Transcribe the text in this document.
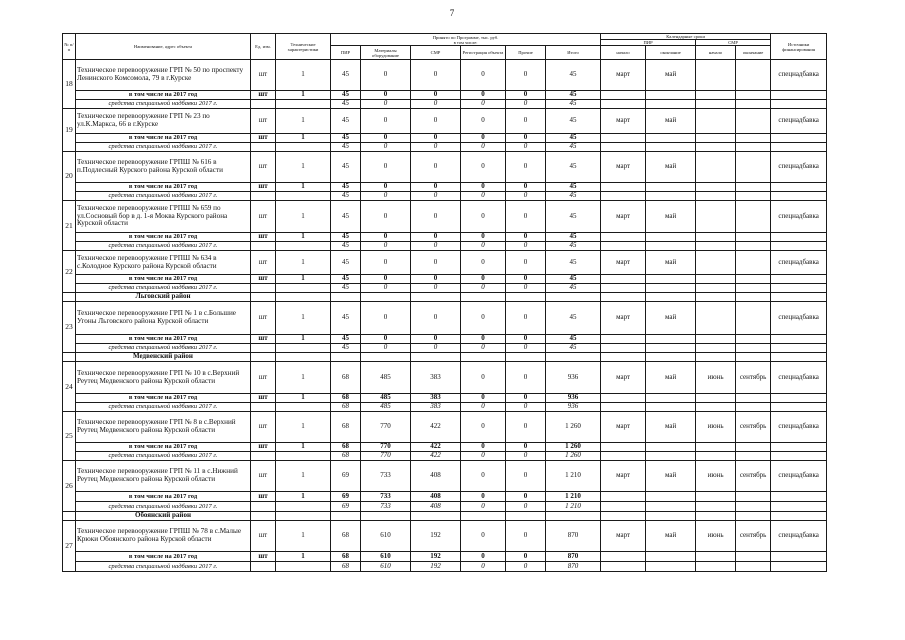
7
№ п/п	Наименование, адрес объекта	Ед. изм.	Технические характеристики	Принято по Программе, тыс. руб.
в том числе:						Календарные сроки				Источники финансирования
										ПИР		СМР		
				ПИР	Материалы оборудование	СМР	Регистрация объекта	Прочие	Итого	начало	окончание	начало	окончание	
18	Техническое перевооружение ГРП № 50 по проспекту Ленинского Комсомола, 79 в г.Курске	шт	1	45	0	0	0	0	45	март	май			спецнадбавка
	в том числе на 2017 год	шт	1	45	0	0	0	0	45					
	средства специальной надбавки 2017 г.			45	0	0	0	0	45					
19	Техническое перевооружение ГРП № 23 по ул.К.Маркса, 66 в г.Курске	шт	1	45	0	0	0	0	45	март	май			спецнадбавка
	в том числе на 2017 год	шт	1	45	0	0	0	0	45					
	средства специальной надбавки 2017 г.			45	0	0	0	0	45					
20	Техническое перевооружение ГРПШ № 616 в п.Подлесный Курского района Курской области	шт	1	45	0	0	0	0	45	март	май			спецнадбавка
	в том числе на 2017 год	шт	1	45	0	0	0	0	45					
	средства специальной надбавки 2017 г.			45	0	0	0	0	45					
21	Техническое перевооружение ГРПШ № 659 по ул.Сосновый бор в д. 1-я Моква Курского района Курской области	шт	1	45	0	0	0	0	45	март	май			спецнадбавка
	в том числе на 2017 год	шт	1	45	0	0	0	0	45					
	средства специальной надбавки 2017 г.			45	0	0	0	0	45					
22	Техническое перевооружение ГРПШ № 634 в с.Колодное Курского района Курской области	шт	1	45	0	0	0	0	45	март	май			спецнадбавка
	в том числе на 2017 год	шт	1	45	0	0	0	0	45					
	средства специальной надбавки 2017 г.			45	0	0	0	0	45					
	Льговский район													
23	Техническое перевооружение ГРП № 1 в с.Большие Угоны Льговского района Курской области	шт	1	45	0	0	0	0	45	март	май			спецнадбавка
	в том числе на 2017 год	шт	1	45	0	0	0	0	45					
	средства специальной надбавки 2017 г.			45	0	0	0	0	45					
	Медвенский район													
24	Техническое перевооружение ГРП № 10 в с.Верхний Реутец Медвенского района Курской области	шт	1	68	485	383	0	0	936	март	май	июнь	сентябрь	спецнадбавка
	в том числе на 2017 год	шт	1	68	485	383	0	0	936					
	средства специальной надбавки 2017 г.			68	485	383	0	0	936					
25	Техническое перевооружение ГРП № 8 в с.Верхний Реутец Медвенского района Курской области	шт	1	68	770	422	0	0	1 260	март	май	июнь	сентябрь	спецнадбавка
	в том числе на 2017 год	шт	1	68	770	422	0	0	1 260					
	средства специальной надбавки 2017 г.			68	770	422	0	0	1 260					
26	Техническое перевооружение ГРП № 11 в с.Нижний Реутец Медвенского района Курской области	шт	1	69	733	408	0	0	1 210	март	май	июнь	сентябрь	спецнадбавка
	в том числе на 2017 год	шт	1	69	733	408	0	0	1 210					
	средства специальной надбавки 2017 г.			69	733	408	0	0	1 210					
	Обоянский район													
27	Техническое перевооружение ГРПШ № 78 в с.Малые Крюки Обоянского района Курской области	шт	1	68	610	192	0	0	870	март	май	июнь	сентябрь	спецнадбавка
	в том числе на 2017 год	шт	1	68	610	192	0	0	870					
	средства специальной надбавки 2017 г.			68	610	192	0	0	870					
